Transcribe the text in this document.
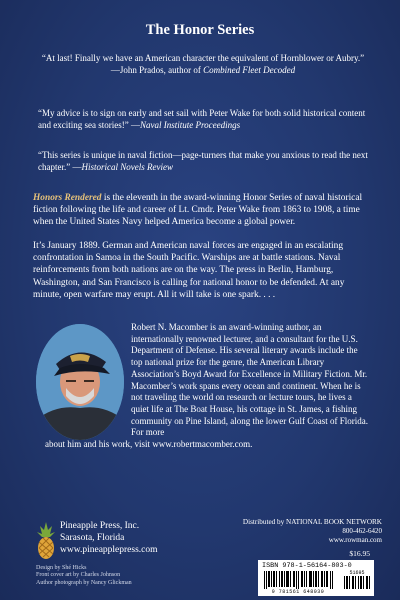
The Honor Series
“At last! Finally we have an American character the equivalent of Hornblower or Aubry.”
—John Prados, author of Combined Fleet Decoded
“My advice is to sign on early and set sail with Peter Wake for both solid historical content and exciting sea stories!” —Naval Institute Proceedings
“This series is unique in naval fiction—page-turners that make you anxious to read the next chapter.” —Historical Novels Review
Honors Rendered is the eleventh in the award-winning Honor Series of naval historical fiction following the life and career of Lt. Cmdr. Peter Wake from 1863 to 1908, a time when the United States Navy helped America become a global power.
It’s January 1889. German and American naval forces are engaged in an escalating confrontation in Samoa in the South Pacific. Warships are at battle stations. Naval reinforcements from both nations are on the way. The press in Berlin, Hamburg, Washington, and San Francisco is calling for national honor to be defended. At any minute, open warfare may erupt. All it will take is one spark. . . .
Robert N. Macomber is an award-winning author, an internationally renowned lecturer, and a consultant for the U.S. Department of Defense. His several literary awards include the top national prize for the genre, the American Library Association’s Boyd Award for Excellence in Military Fiction. Mr. Macomber’s work spans every ocean and continent. When he is not traveling the world on research or lecture tours, he lives a quiet life at The Boat House, his cottage in St. James, a fishing community on Pine Island, along the lower Gulf Coast of Florida. For more
about him and his work, visit www.robertmacomber.com.
Pineapple Press, Inc.
Sarasota, Florida
www.pineapplepress.com
Design by Shé Hicks
Front cover art by Charles Johnson
Author photograph by Nancy Glickman
Distributed by NATIONAL BOOK NETWORK
800-462-6420
www.rowman.com
$16.95
ISBN 978-1-56164-803-0
9 781561 648030
51695
